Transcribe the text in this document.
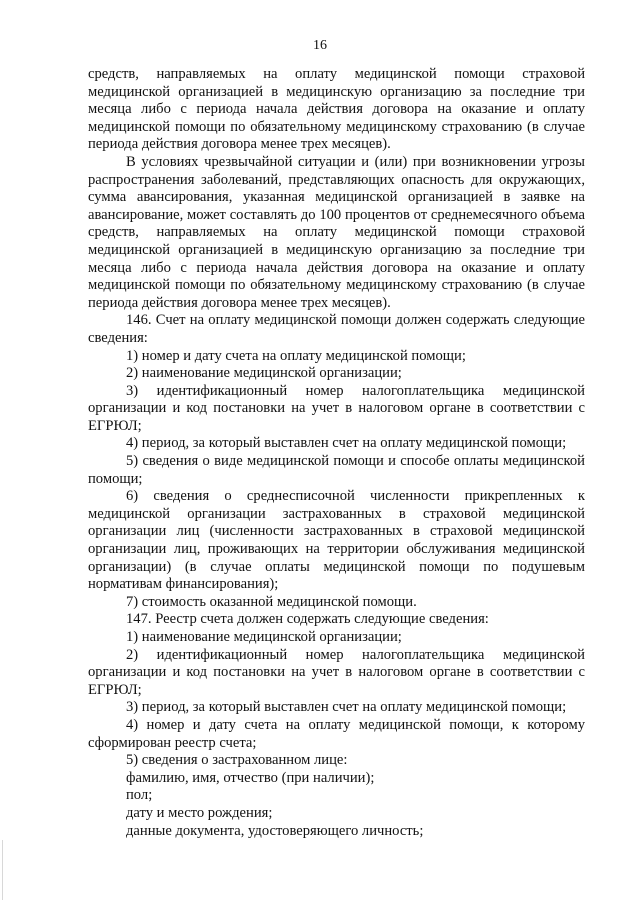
16

средств, направляемых на оплату медицинской помощи страховой медицинской организацией в медицинскую организацию за последние три месяца либо с периода начала действия договора на оказание и оплату медицинской помощи по обязательному медицинскому страхованию (в случае периода действия договора менее трех месяцев).

В условиях чрезвычайной ситуации и (или) при возникновении угрозы распространения заболеваний, представляющих опасность для окружающих, сумма авансирования, указанная медицинской организацией в заявке на авансирование, может составлять до 100 процентов от среднемесячного объема средств, направляемых на оплату медицинской помощи страховой медицинской организацией в медицинскую организацию за последние три месяца либо с периода начала действия договора на оказание и оплату медицинской помощи по обязательному медицинскому страхованию (в случае периода действия договора менее трех месяцев).

146. Счет на оплату медицинской помощи должен содержать следующие сведения:

1) номер и дату счета на оплату медицинской помощи;

2) наименование медицинской организации;

3) идентификационный номер налогоплательщика медицинской организации и код постановки на учет в налоговом органе в соответствии с ЕГРЮЛ;

4) период, за который выставлен счет на оплату медицинской помощи;

5) сведения о виде медицинской помощи и способе оплаты медицинской помощи;

6) сведения о среднесписочной численности прикрепленных к медицинской организации застрахованных в страховой медицинской организации лиц (численности застрахованных в страховой медицинской организации лиц, проживающих на территории обслуживания медицинской организации) (в случае оплаты медицинской помощи по подушевым нормативам финансирования);

7) стоимость оказанной медицинской помощи.

147. Реестр счета должен содержать следующие сведения:

1) наименование медицинской организации;

2) идентификационный номер налогоплательщика медицинской организации и код постановки на учет в налоговом органе в соответствии с ЕГРЮЛ;

3) период, за который выставлен счет на оплату медицинской помощи;

4) номер и дату счета на оплату медицинской помощи, к которому сформирован реестр счета;

5) сведения о застрахованном лице:

фамилию, имя, отчество (при наличии);

пол;

дату и место рождения;

данные документа, удостоверяющего личность;
